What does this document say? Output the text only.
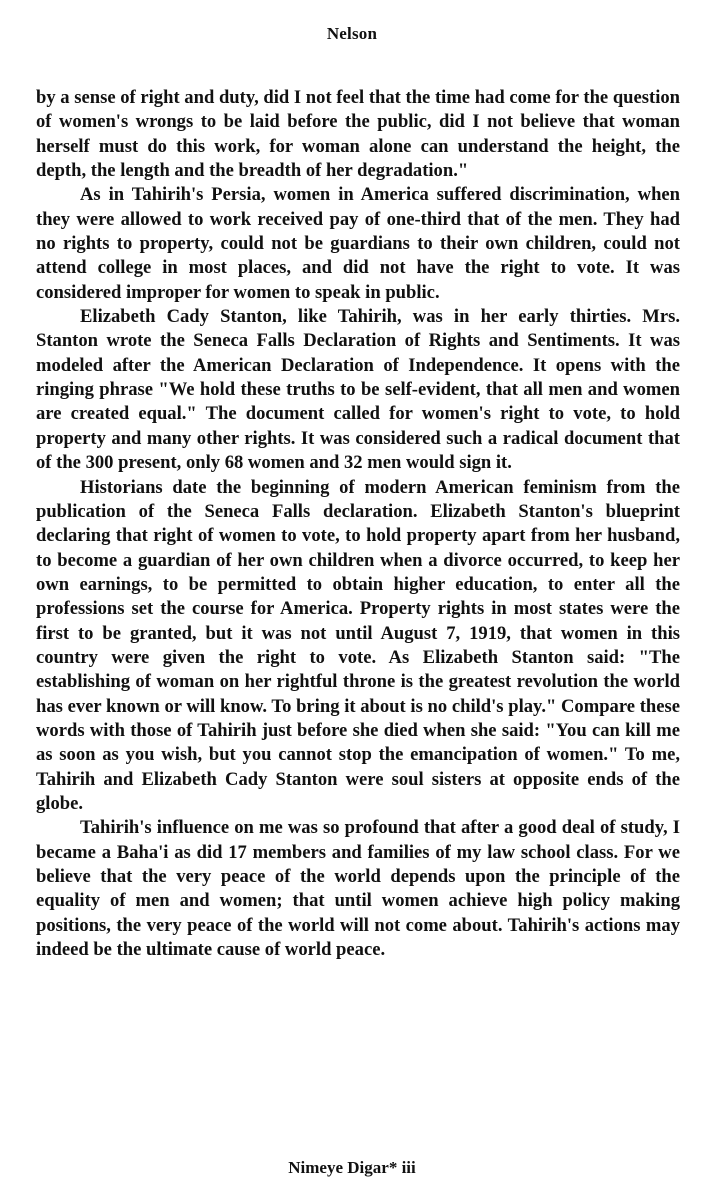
Nelson

by a sense of right and duty, did I not feel that the time had come for the question of women's wrongs to be laid before the public, did I not believe that woman herself must do this work, for woman alone can understand the height, the depth, the length and the breadth of her degradation."

As in Tahirih's Persia, women in America suffered discrimination, when they were allowed to work received pay of one-third that of the men. They had no rights to property, could not be guardians to their own children, could not attend college in most places, and did not have the right to vote. It was considered improper for women to speak in public.

Elizabeth Cady Stanton, like Tahirih, was in her early thirties. Mrs. Stanton wrote the Seneca Falls Declaration of Rights and Sentiments. It was modeled after the American Declaration of Independence. It opens with the ringing phrase "We hold these truths to be self-evident, that all men and women are created equal." The document called for women's right to vote, to hold property and many other rights. It was considered such a radical document that of the 300 present, only 68 women and 32 men would sign it.

Historians date the beginning of modern American feminism from the publication of the Seneca Falls declaration. Elizabeth Stanton's blueprint declaring that right of women to vote, to hold property apart from her husband, to become a guardian of her own children when a divorce occurred, to keep her own earnings, to be permitted to obtain higher education, to enter all the professions set the course for America. Property rights in most states were the first to be granted, but it was not until August 7, 1919, that women in this country were given the right to vote. As Elizabeth Stanton said: "The establishing of woman on her rightful throne is the greatest revolution the world has ever known or will know. To bring it about is no child's play." Compare these words with those of Tahirih just before she died when she said: "You can kill me as soon as you wish, but you cannot stop the emancipation of women." To me, Tahirih and Elizabeth Cady Stanton were soul sisters at opposite ends of the globe.

Tahirih's influence on me was so profound that after a good deal of study, I became a Baha'i as did 17 members and families of my law school class. For we believe that the very peace of the world depends upon the principle of the equality of men and women; that until women achieve high policy making positions, the very peace of the world will not come about. Tahirih's actions may indeed be the ultimate cause of world peace.

Nimeye Digar* iii
